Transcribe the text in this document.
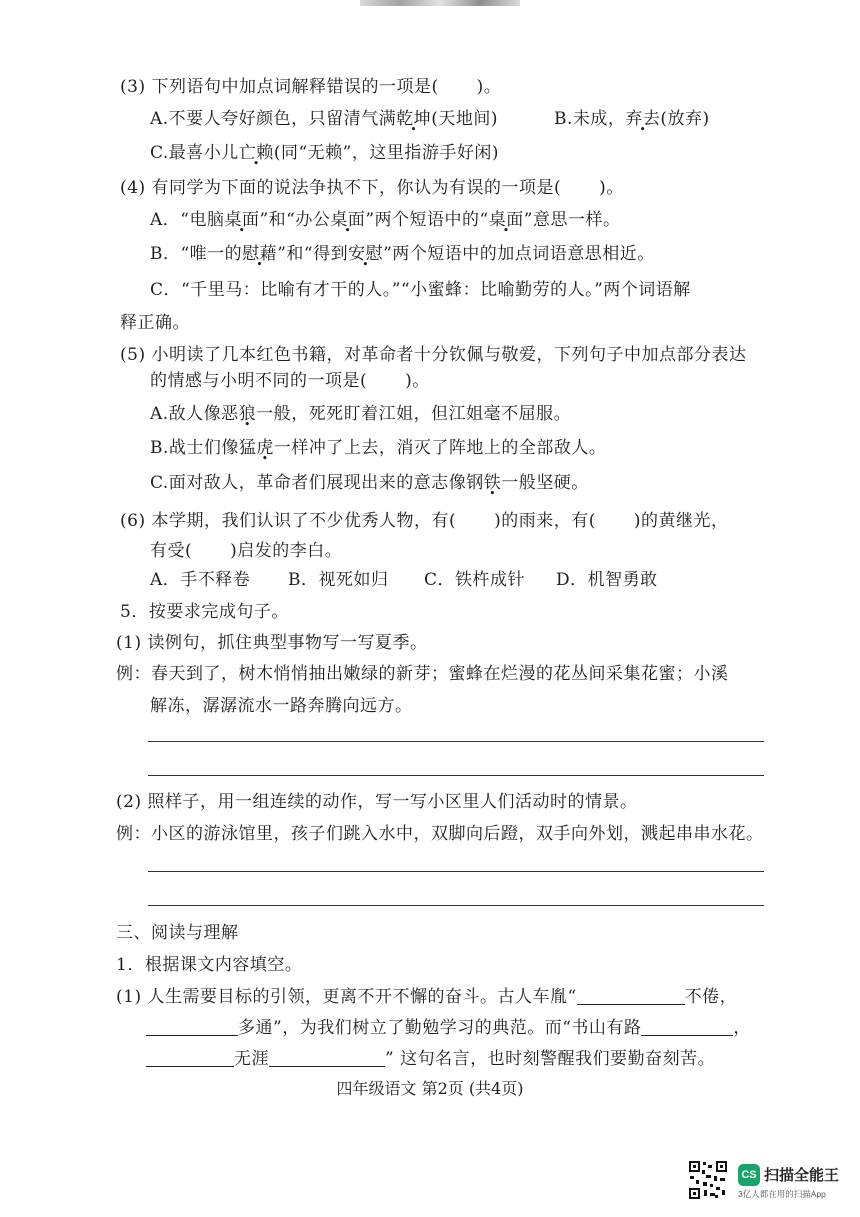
(3) 下列语句中加点词解释错误的一项是( )。
A.不要人夸好颜色，只留清气满乾坤(天地间)	B.未成，弃去(放弃)
C.最喜小儿亡赖(同“无赖”，这里指游手好闲)
(4) 有同学为下面的说法争执不下，你认为有误的一项是( )。
A．“电脑桌面”和“办公桌面”两个短语中的“桌面”意思一样。
B．“唯一的慰藉”和“得到安慰”两个短语中的加点词语意思相近。
C．“千里马：比喻有才干的人。”“小蜜蜂：比喻勤劳的人。”两个词语解
释正确。
(5) 小明读了几本红色书籍，对革命者十分钦佩与敬爱，下列句子中加点部分表达
的情感与小明不同的一项是( )。
A.敌人像恶狼一般 •，死死盯着江姐，但江姐毫不屈服。
B.战士们像猛虎一样 •冲了上去，消灭了阵地上的全部敌人。
C.面对敌人，革命者们展现出来的意志像钢铁一般 •坚硬。
(6) 本学期，我们认识了不少优秀人物，有( )的雨来，有( )的黄继光，
有受( )启发的李白。
A．手不释卷 B．视死如归 C．铁杵成针 D．机智勇敢
5．按要求完成句子。
(1) 读例句，抓住典型事物写一写夏季。
例：春天到了，树木悄悄抽出嫩绿的新芽；蜜蜂在烂漫的花丛间采集花蜜；小溪
解冻，潺潺流水一路奔腾向远方。
(2) 照样子，用一组连续的动作，写一写小区里人们活动时的情景。
例：小区的游泳馆里，孩子们跳入水中，双脚向后蹬，双手向外划，溅起串串水花。
三、阅读与理解
1．根据课文内容填空。
(1) 人生需要目标的引领，更离不开不懈的奋斗。古人车胤“	不倦，
多通”，为我们树立了勤勉学习的典范。而“书山有路	，
无涯	” 这句名言，也时刻警醒我们要勤奋刻苦。
四年级语文 第2页 (共4页)
CS 扫描全能王
3亿人都在用的扫描App
